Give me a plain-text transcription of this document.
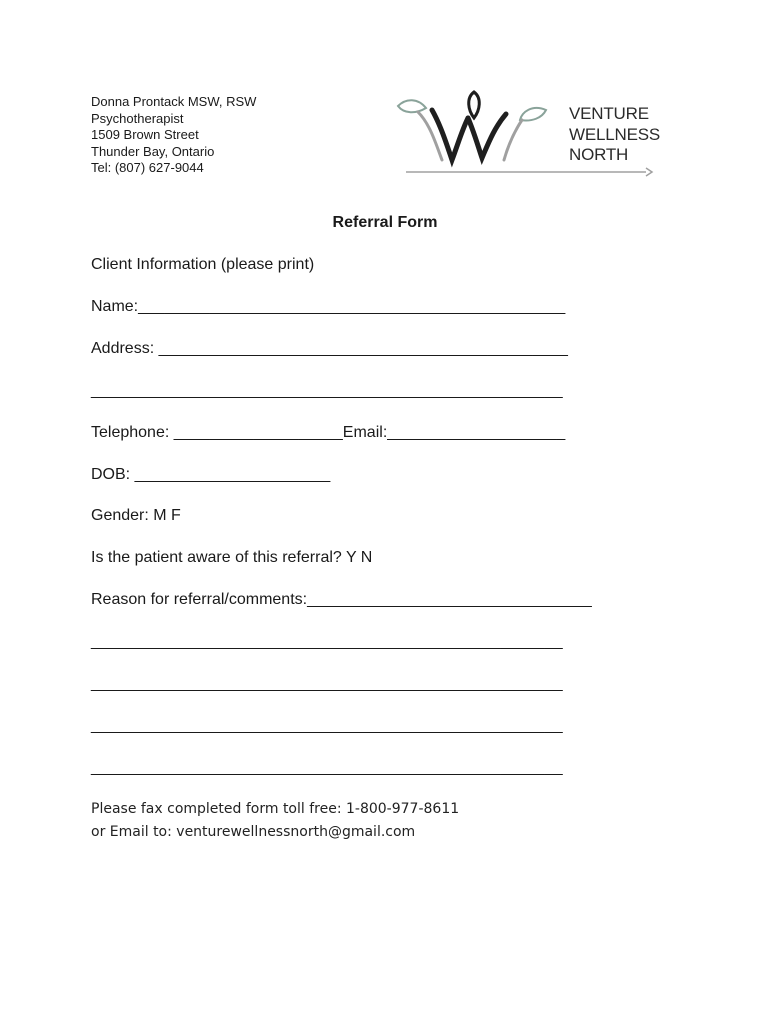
Donna Prontack MSW, RSW
Psychotherapist
1509 Brown Street
Thunder Bay, Ontario
Tel: (807) 627-9044
VENTURE
WELLNESS
NORTH
Referral Form
Client Information (please print)
Name:________________________________________________
Address: ______________________________________________
_____________________________________________________
Telephone: ___________________Email:____________________
DOB: ______________________
Gender: M F
Is the patient aware of this referral? Y N
Reason for referral/comments:________________________________
_____________________________________________________
_____________________________________________________
_____________________________________________________
_____________________________________________________
Please fax completed form toll free: 1-800-977-8611
or Email to: venturewellnessnorth@gmail.com
